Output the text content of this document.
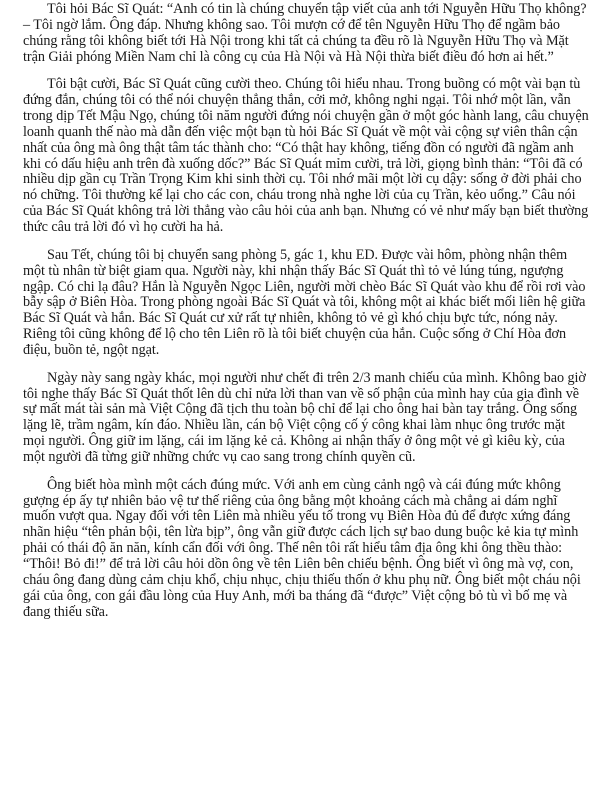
Tôi hỏi Bác Sĩ Quát: “Anh có tin là chúng chuyển tập viết của anh tới Nguyễn Hữu Thọ không? – Tôi ngờ lắm. Ông đáp. Nhưng không sao. Tôi mượn cớ để tên Nguyễn Hữu Thọ để ngầm bảo chúng rằng tôi không biết tới Hà Nội trong khi tất cả chúng ta đều rõ là Nguyễn Hữu Thọ và Mặt trận Giải phóng Miền Nam chỉ là công cụ của Hà Nội và Hà Nội thừa biết điều đó hơn ai hết.”

Tôi bật cười, Bác Sĩ Quát cũng cười theo. Chúng tôi hiểu nhau. Trong buồng có một vài bạn tù đứng đắn, chúng tôi có thể nói chuyện thẳng thắn, cởi mở, không nghi ngại. Tôi nhớ một lần, vẫn trong dịp Tết Mậu Ngọ, chúng tôi năm người đứng nói chuyện gần ở một góc hành lang, câu chuyện loanh quanh thế nào mà dẫn đến việc một bạn tù hỏi Bác Sĩ Quát về một vài cộng sự viên thân cận nhất của ông mà ông thật tâm tác thành cho: “Có thật hay không, tiếng đồn có người đã ngầm anh khi có dấu hiệu anh trên đà xuống dốc?” Bác Sĩ Quát mỉm cười, trả lời, giọng bình thản: “Tôi đã có nhiều dịp gần cụ Trần Trọng Kim khi sinh thời cụ. Tôi nhớ mãi một lời cụ dậy: sống ở đời phải cho nó chững. Tôi thường kể lại cho các con, cháu trong nhà nghe lời của cụ Trần, kẻo uổng.” Câu nói của Bác Sĩ Quát không trả lời thẳng vào câu hỏi của anh bạn. Nhưng có vẻ như mấy bạn biết thường thức câu trả lời đó vì họ cười ha hả.

Sau Tết, chúng tôi bị chuyển sang phòng 5, gác 1, khu ED. Được vài hôm, phòng nhận thêm một tù nhân từ biệt giam qua. Người này, khi nhận thấy Bác Sĩ Quát thì tỏ vẻ lúng túng, ngượng ngập. Có chi lạ đâu? Hắn là Nguyễn Ngọc Liên, người mời chèo Bác Sĩ Quát vào khu để rồi rơi vào bẫy sập ở Biên Hòa. Trong phòng ngoài Bác Sĩ Quát và tôi, không một ai khác biết mối liên hệ giữa Bác Sĩ Quát và hắn. Bác Sĩ Quát cư xử rất tự nhiên, không tỏ vẻ gì khó chịu bực tức, nóng nảy. Riêng tôi cũng không để lộ cho tên Liên rõ là tôi biết chuyện của hắn. Cuộc sống ở Chí Hòa đơn điệu, buồn tẻ, ngột ngạt.

Ngày này sang ngày khác, mọi người như chết đi trên 2/3 manh chiếu của mình. Không bao giờ tôi nghe thấy Bác Sĩ Quát thốt lên dù chỉ nửa lời than van về số phận của mình hay của gia đình về sự mất mát tài sản mà Việt Cộng đã tịch thu toàn bộ chỉ để lại cho ông hai bàn tay trắng. Ông sống lặng lẽ, trầm ngâm, kín đáo. Nhiều lần, cán bộ Việt cộng cố ý công khai làm nhục ông trước mặt mọi người. Ông giữ im lặng, cái im lặng kẻ cả. Không ai nhận thấy ở ông một vẻ gì kiêu kỳ, của một người đã từng giữ những chức vụ cao sang trong chính quyền cũ.

Ông biết hòa mình một cách đúng mức. Với anh em cùng cảnh ngộ và cái đúng mức không gượng ép ấy tự nhiên bảo vệ tư thế riêng của ông bằng một khoảng cách mà chẳng ai dám nghĩ muốn vượt qua. Ngay đối với tên Liên mà nhiều yếu tố trong vụ Biên Hòa đủ để được xứng đáng nhãn hiệu “tên phản bội, tên lừa bịp”, ông vẫn giữ được cách lịch sự bao dung buộc kẻ kia tự mình phải có thái độ ăn năn, kính cẩn đối với ông. Thế nên tôi rất hiểu tâm địa ông khi ông thều thào: “Thôi! Bỏ đi!” để trả lời câu hỏi dồn ông về tên Liên bên chiếu bệnh. Ông biết vì ông mà vợ, con, cháu ông đang dùng cảm chịu khổ, chịu nhục, chịu thiếu thốn ở khu phụ nữ. Ông biết một cháu nội gái của ông, con gái đầu lòng của Huy Anh, mới ba tháng đã “được” Việt cộng bỏ tù vì bố mẹ và đang thiếu sữa.
